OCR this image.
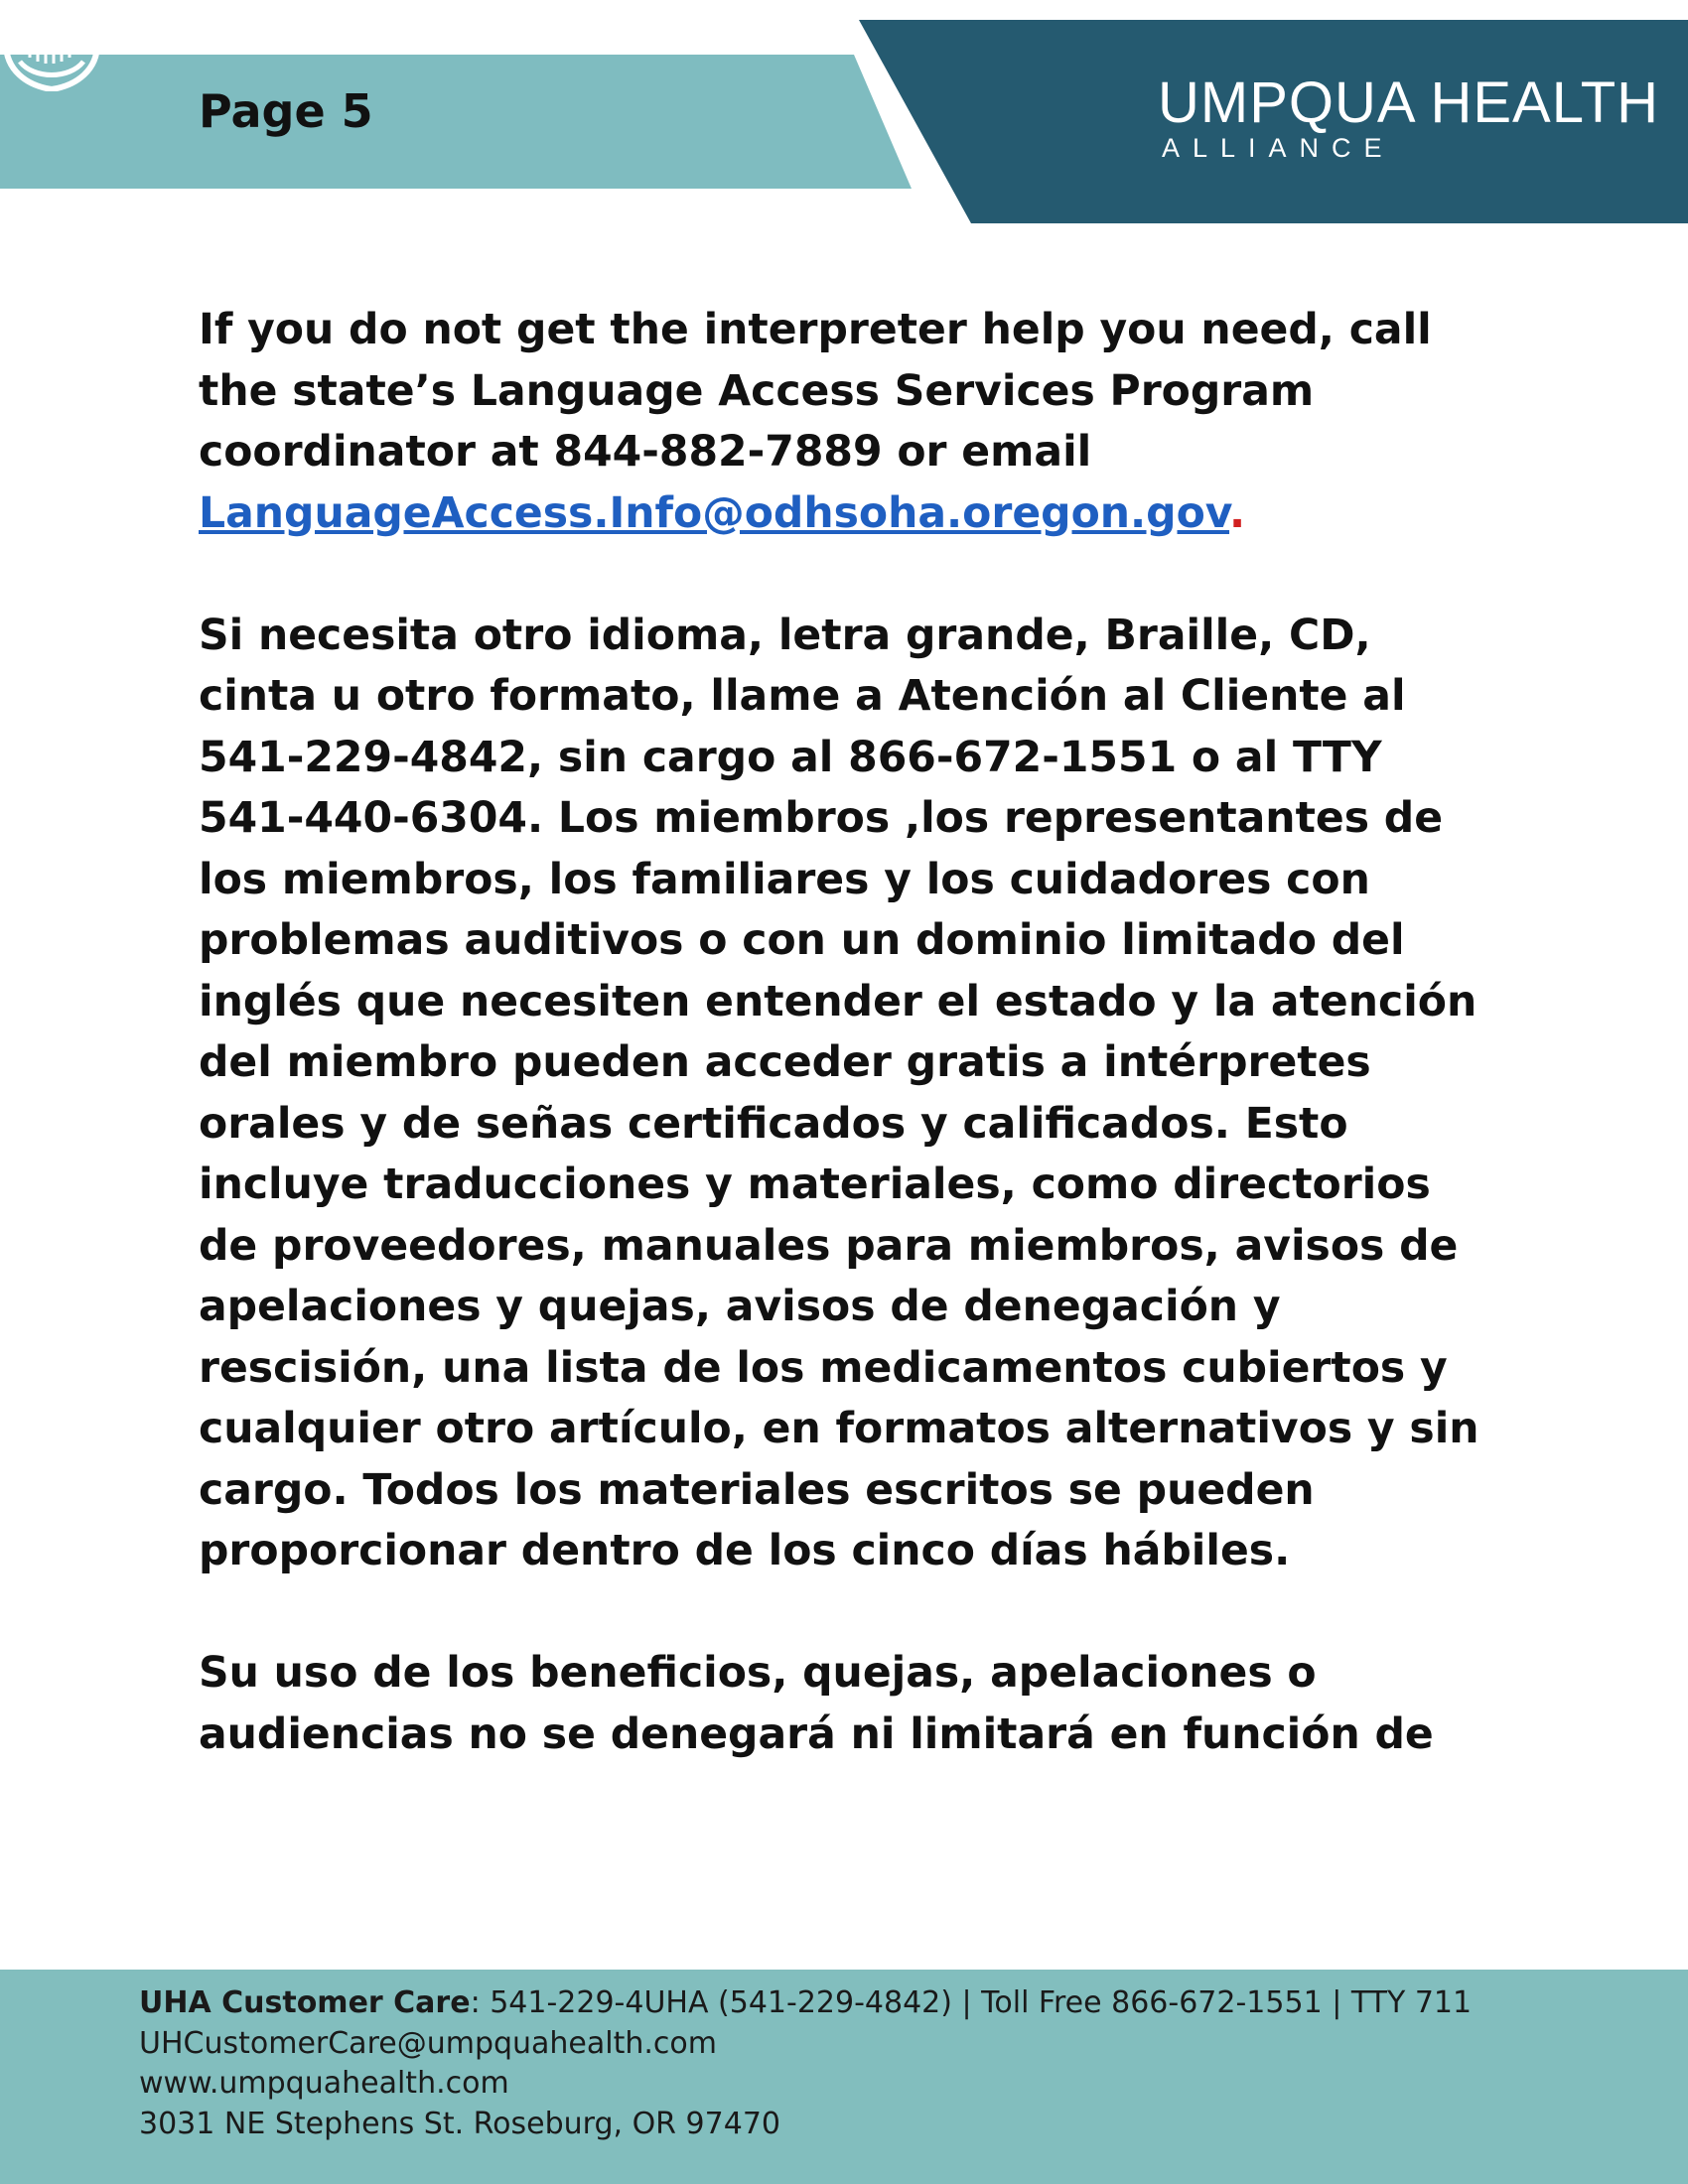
Page 5	UMPQUA HEALTH
ALLIANCE

If you do not get the interpreter help you need, call the state’s Language Access Services Program coordinator at 844-882-7889 or email LanguageAccess.Info@odhsoha.oregon.gov.

Si necesita otro idioma, letra grande, Braille, CD, cinta u otro formato, llame a Atención al Cliente al 541-229-4842, sin cargo al 866-672-1551 o al TTY 541-440-6304. Los miembros ,los representantes de los miembros, los familiares y los cuidadores con problemas auditivos o con un dominio limitado del inglés que necesiten entender el estado y la atención del miembro pueden acceder gratis a intérpretes orales y de señas certificados y calificados. Esto incluye traducciones y materiales, como directorios de proveedores, manuales para miembros, avisos de apelaciones y quejas, avisos de denegación y rescisión, una lista de los medicamentos cubiertos y cualquier otro artículo, en formatos alternativos y sin cargo. Todos los materiales escritos se pueden proporcionar dentro de los cinco días hábiles.

Su uso de los beneficios, quejas, apelaciones o audiencias no se denegará ni limitará en función de

UHA Customer Care: 541-229-4UHA (541-229-4842) | Toll Free 866-672-1551 | TTY 711
UHCustomerCare@umpquahealth.com
www.umpquahealth.com
3031 NE Stephens St. Roseburg, OR 97470
